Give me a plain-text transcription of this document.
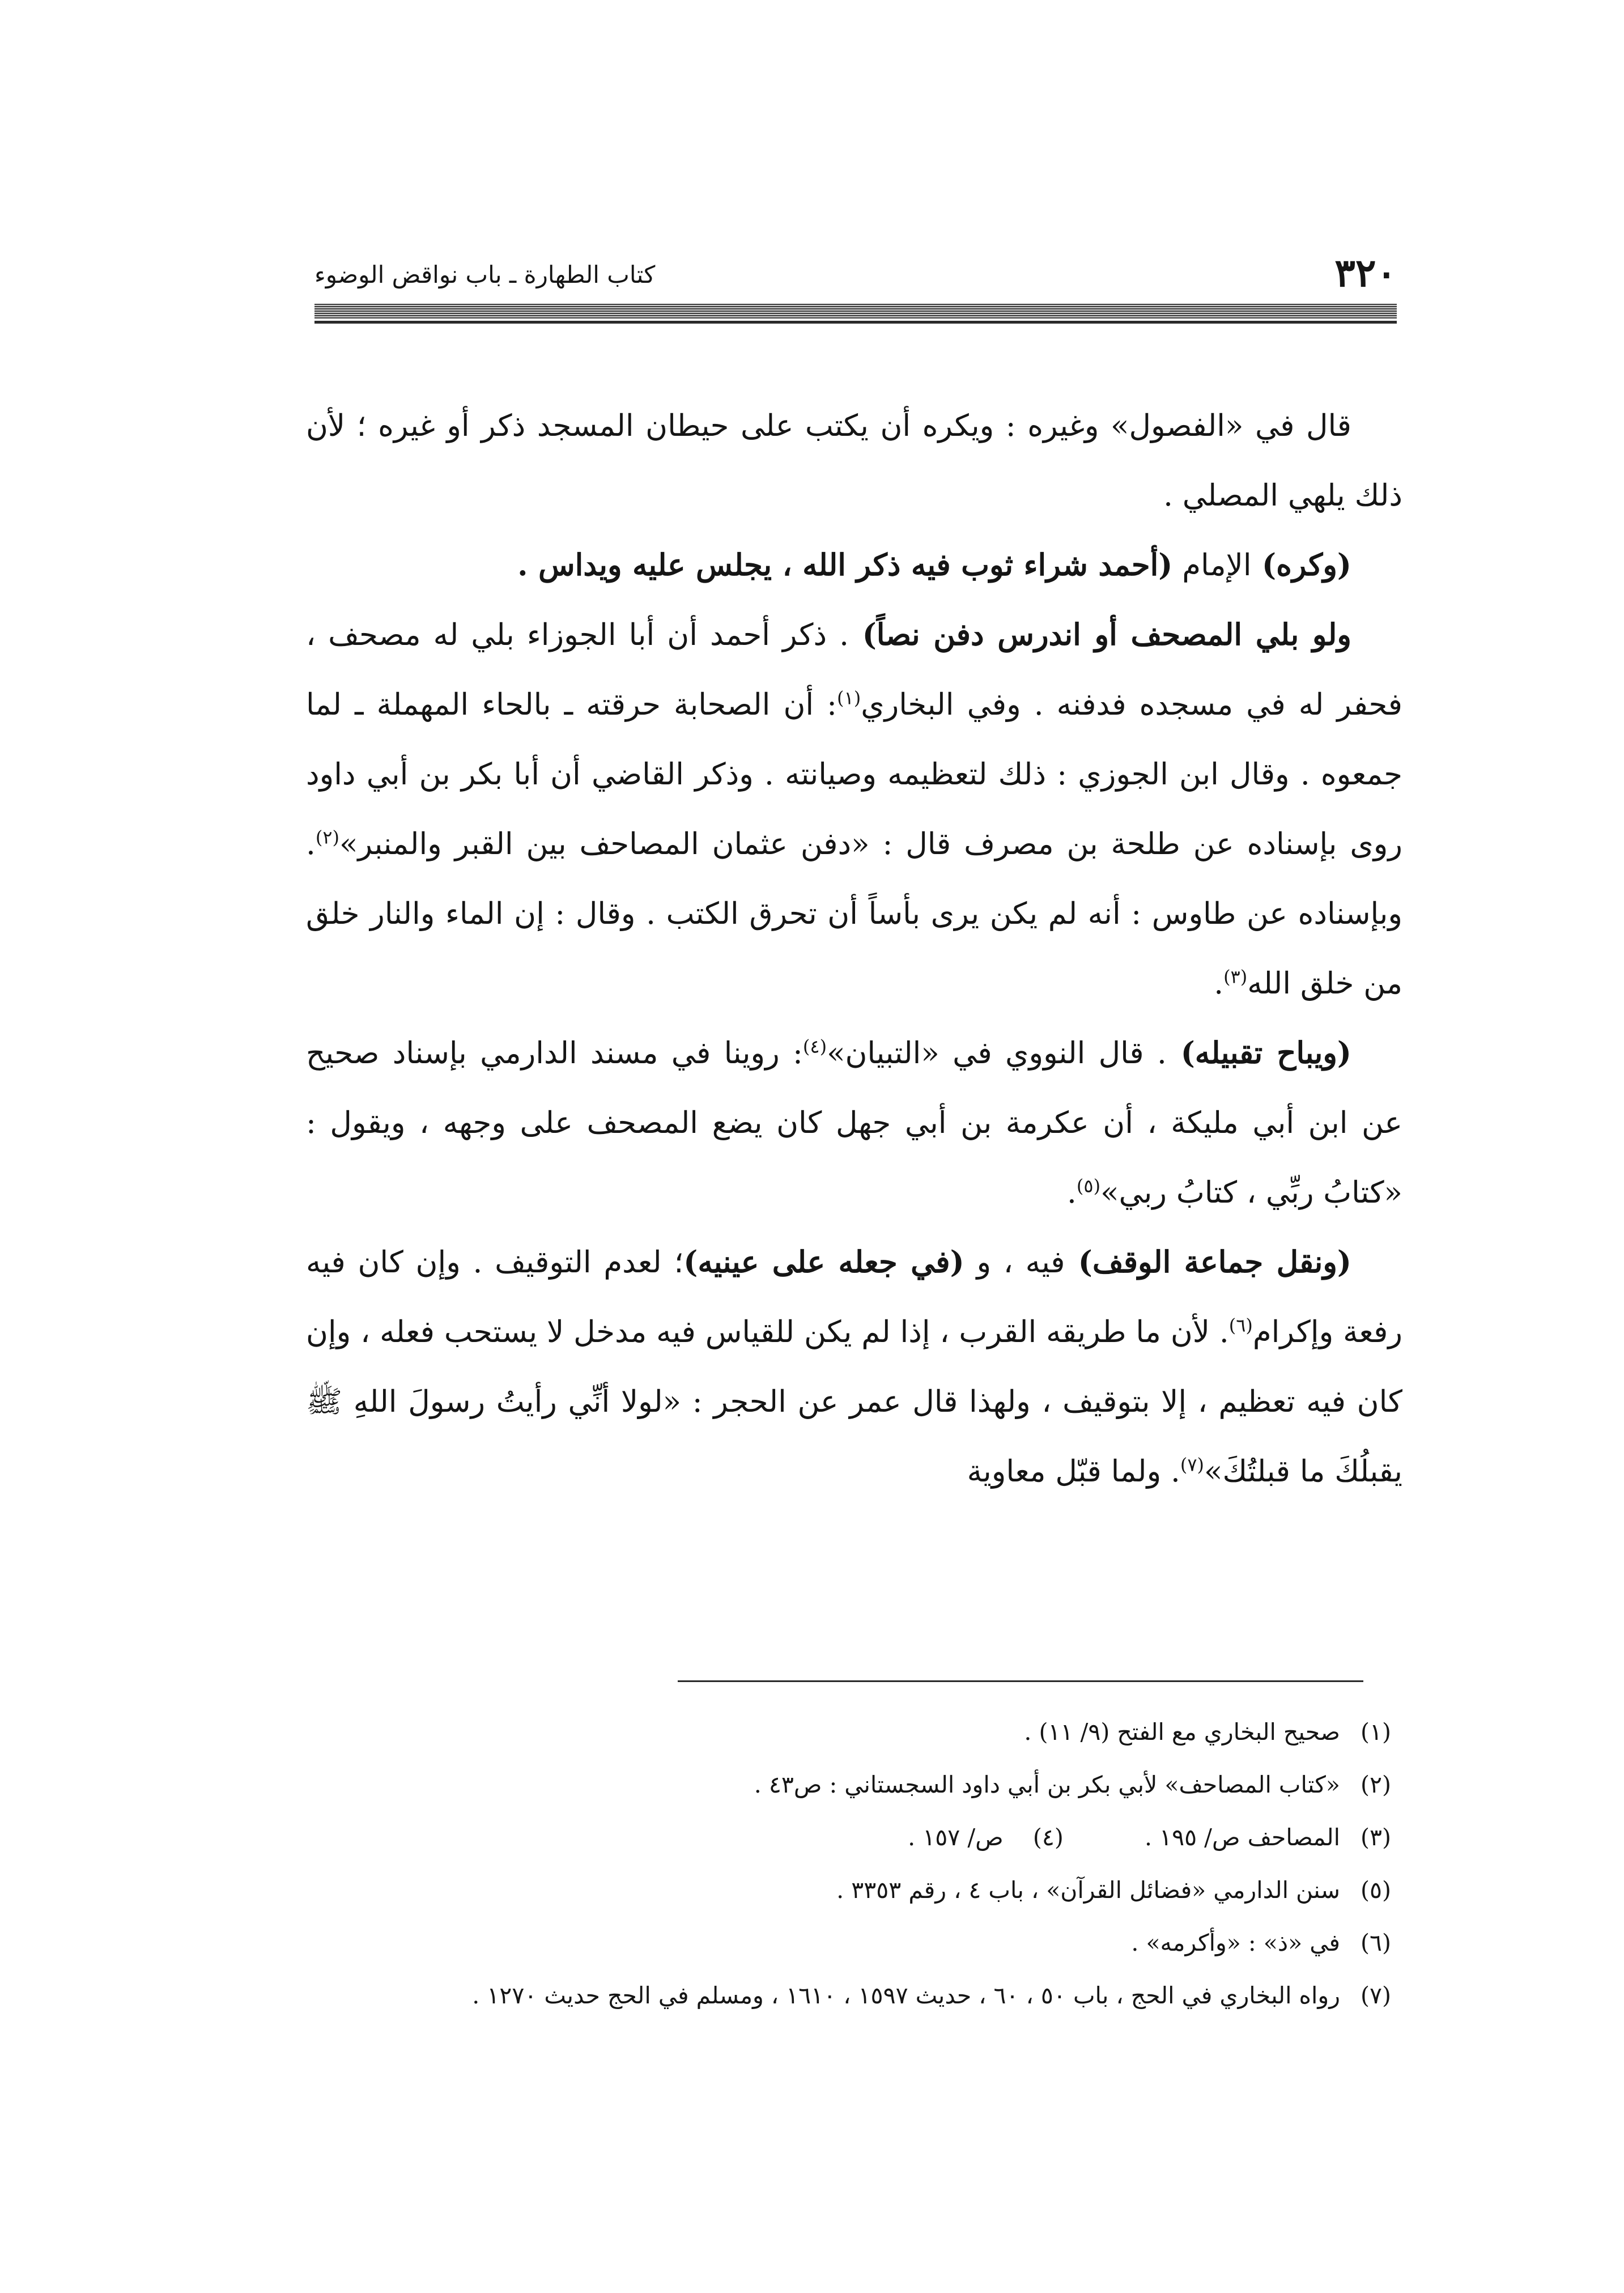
٣٢٠
كتاب الطهارة ـ باب نواقض الوضوء

قال في «الفصول» وغيره : ويكره أن يكتب على حيطان المسجد ذكر أو غيره ؛ لأن ذلك يلهي المصلي .

(وكره) الإمام (أحمد شراء ثوب فيه ذكر الله ، يجلس عليه ويداس .

ولو بلي المصحف أو اندرس دفن نصاً) . ذكر أحمد أن أبا الجوزاء بلي له مصحف ، فحفر له في مسجده فدفنه . وفي البخاري$^{(١)}$: أن الصحابة حرقته ـ بالحاء المهملة ـ لما جمعوه . وقال ابن الجوزي : ذلك لتعظيمه وصيانته . وذكر القاضي أن أبا بكر بن أبي داود روى بإسناده عن طلحة بن مصرف قال : «دفن عثمان المصاحف بين القبر والمنبر»$^{(٢)}$. وبإسناده عن طاوس : أنه لم يكن يرى بأساً أن تحرق الكتب . وقال : إن الماء والنار خلق من خلق الله$^{(٣)}$.

(ويباح تقبيله) . قال النووي في «التبيان»$^{(٤)}$: روينا في مسند الدارمي بإسناد صحيح عن ابن أبي مليكة ، أن عكرمة بن أبي جهل كان يضع المصحف على وجهه ، ويقول : «كتابُ ربِّي ، كتابُ ربي»$^{(٥)}$.

(ونقل جماعة الوقف) فيه ، و (في جعله على عينيه)؛ لعدم التوقيف . وإن كان فيه رفعة وإكرام$^{(٦)}$. لأن ما طريقه القرب ، إذا لم يكن للقياس فيه مدخل لا يستحب فعله ، وإن كان فيه تعظيم ، إلا بتوقيف ، ولهذا قال عمر عن الحجر : «لولا أنِّي رأيتُ رسولَ اللهِ ﷺ يقبلُكَ ما قبلتُكَ»$^{(٧)}$. ولما قبّل معاوية

(١)
صحيح البخاري مع الفتح (٩/ ١١) .
(٢)
«كتاب المصاحف» لأبي بكر بن أبي داود السجستاني : ص٤٣ .
(٣)
المصاحف ص/ ١٩٥ . (٤)    ص/ ١٥٧ .
(٥)
سنن الدارمي «فضائل القرآن» ، باب ٤ ، رقم ٣٣٥٣ .
(٦)
في «ذ» : «وأكرمه» .
(٧)
رواه البخاري في الحج ، باب ٥٠ ، ٦٠ ، حديث ١٥٩٧ ، ١٦١٠ ، ومسلم في الحج حديث ١٢٧٠ .
